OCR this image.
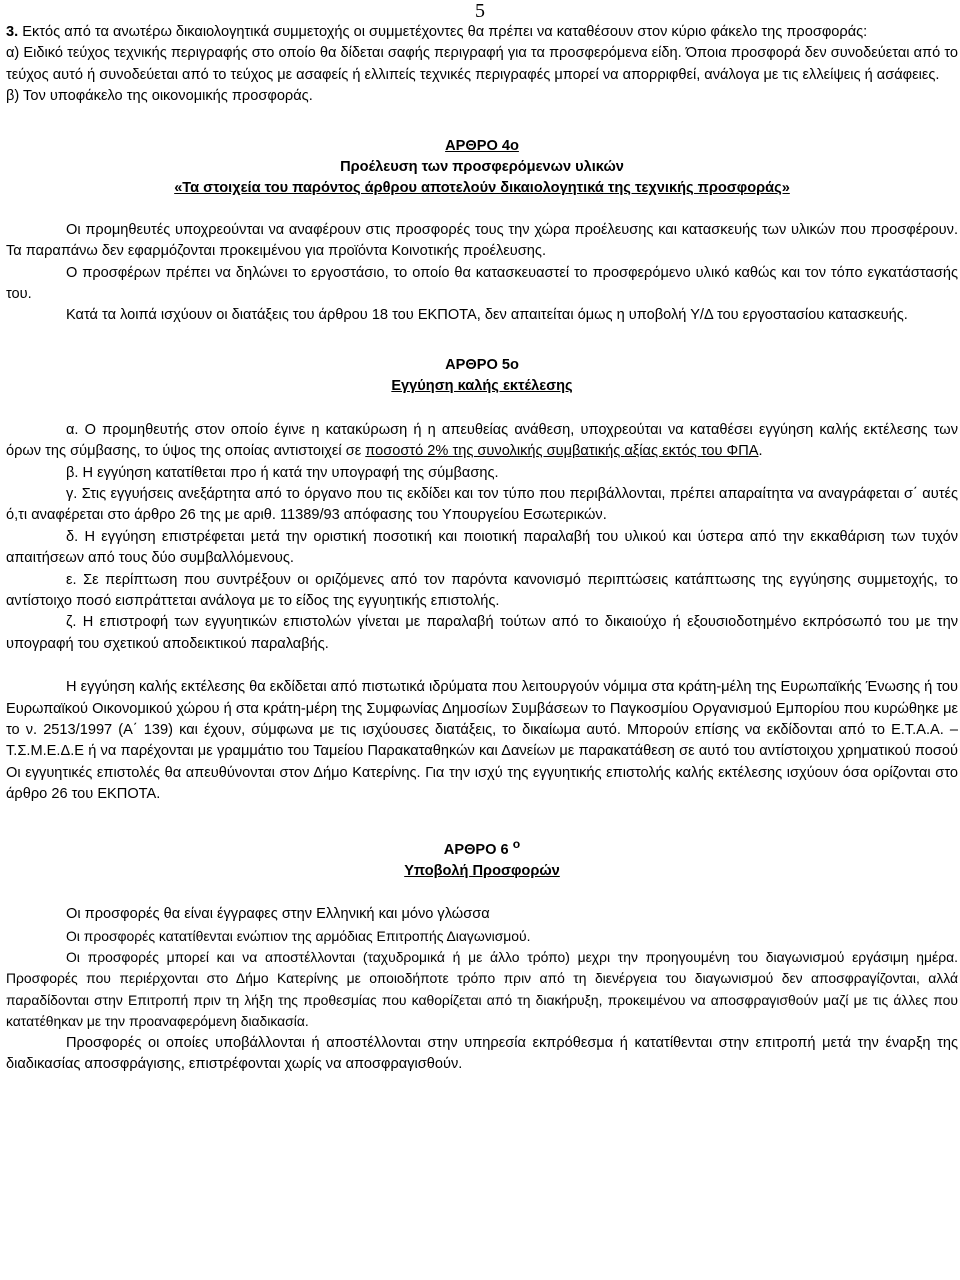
5

3. Εκτός από τα ανωτέρω δικαιολογητικά συμμετοχής οι συμμετέχοντες θα πρέπει να καταθέσουν στον κύριο φάκελο της προσφοράς:

α) Ειδικό τεύχος τεχνικής περιγραφής στο οποίο θα δίδεται σαφής περιγραφή για τα προσφερόμενα είδη. Όποια προσφορά δεν συνοδεύεται από το τεύχος αυτό ή συνοδεύεται από το τεύχος με ασαφείς ή ελλιπείς τεχνικές περιγραφές μπορεί να απορριφθεί, ανάλογα με τις ελλείψεις ή ασάφειες.

β) Τον υποφάκελο της οικονομικής προσφοράς.

ΑΡΘΡΟ 4ο

Προέλευση των προσφερόμενων υλικών

«Τα στοιχεία του παρόντος άρθρου αποτελούν δικαιολογητικά της τεχνικής προσφοράς»

Οι προμηθευτές υποχρεούνται να αναφέρουν στις προσφορές τους την χώρα προέλευσης και κατασκευής των υλικών που προσφέρουν. Τα παραπάνω δεν εφαρμόζονται προκειμένου για προϊόντα Κοινοτικής προέλευσης.

Ο προσφέρων πρέπει να δηλώνει το εργοστάσιο, το οποίο θα κατασκευαστεί το προσφερόμενο υλικό καθώς και τον τόπο εγκατάστασής του.

Κατά τα λοιπά ισχύουν οι διατάξεις του άρθρου 18 του ΕΚΠΟΤΑ, δεν απαιτείται όμως η υποβολή Υ/Δ του εργοστασίου κατασκευής.

ΑΡΘΡΟ 5ο

Εγγύηση καλής εκτέλεσης

α. Ο προμηθευτής στον οποίο έγινε η κατακύρωση ή η απευθείας ανάθεση, υποχρεούται να καταθέσει εγγύηση καλής εκτέλεσης των όρων της σύμβασης, το ύψος της οποίας αντιστοιχεί σε ποσοστό 2% της συνολικής συμβατικής αξίας εκτός του ΦΠΑ.

β. Η εγγύηση κατατίθεται προ ή κατά την υπογραφή της σύμβασης.

γ. Στις εγγυήσεις ανεξάρτητα από το όργανο που τις εκδίδει και τον τύπο που περιβάλλονται, πρέπει απαραίτητα να αναγράφεται σ΄ αυτές ό,τι αναφέρεται στο άρθρο 26 της με αριθ. 11389/93 απόφασης του Υπουργείου Εσωτερικών.

δ. Η εγγύηση επιστρέφεται μετά την οριστική ποσοτική και ποιοτική παραλαβή του υλικού και ύστερα από την εκκαθάριση των τυχόν απαιτήσεων από τους δύο συμβαλλόμενους.

ε. Σε περίπτωση που συντρέξουν οι οριζόμενες από τον παρόντα κανονισμό περιπτώσεις κατάπτωσης της εγγύησης συμμετοχής, το αντίστοιχο ποσό εισπράττεται ανάλογα με το είδος της εγγυητικής επιστολής.

ζ. Η επιστροφή των εγγυητικών επιστολών γίνεται με παραλαβή τούτων από το δικαιούχο ή εξουσιοδοτημένο εκπρόσωπό του με την υπογραφή του σχετικού αποδεικτικού παραλαβής.

Η εγγύηση καλής εκτέλεσης θα εκδίδεται από πιστωτικά ιδρύματα που λειτουργούν νόμιμα στα κράτη-μέλη της Ευρωπαϊκής Ένωσης ή του Ευρωπαϊκού Οικονομικού χώρου ή στα κράτη-μέρη της Συμφωνίας Δημοσίων Συμβάσεων το Παγκοσμίου Οργανισμού Εμπορίου που κυρώθηκε με το ν. 2513/1997 (Α΄ 139) και έχουν, σύμφωνα με τις ισχύουσες διατάξεις, το δικαίωμα αυτό. Μπορούν επίσης να εκδίδονται από το Ε.Τ.Α.Α. – Τ.Σ.Μ.Ε.Δ.Ε ή να παρέχονται με γραμμάτιο του Ταμείου Παρακαταθηκών και Δανείων με παρακατάθεση σε αυτό του αντίστοιχου χρηματικού ποσού Οι εγγυητικές επιστολές θα απευθύνονται στον Δήμο Κατερίνης. Για την ισχύ της εγγυητικής επιστολής καλής εκτέλεσης ισχύουν όσα ορίζονται στο άρθρο 26 του ΕΚΠΟΤΑ.

ΑΡΘΡΟ 6 $^o$

Υποβολή Προσφορών

Οι προσφορές θα είναι έγγραφες στην Ελληνική και μόνο γλώσσα

Οι προσφορές κατατίθενται ενώπιον της αρμόδιας Επιτροπής Διαγωνισμού.

Οι προσφορές μπορεί και να αποστέλλονται (ταχυδρομικά ή με άλλο τρόπο) μεχρι την προηγουμένη του διαγωνισμού εργάσιμη ημέρα. Προσφορές που περιέρχονται στο Δήμο Κατερίνης με οποιοδήποτε τρόπο πριν από τη διενέργεια του διαγωνισμού δεν αποσφραγίζονται, αλλά παραδίδονται στην Επιτροπή πριν τη λήξη της προθεσμίας που καθορίζεται από τη διακήρυξη, προκειμένου να αποσφραγισθούν μαζί με τις άλλες που κατατέθηκαν με την προαναφερόμενη διαδικασία.

Προσφορές οι οποίες υποβάλλονται ή αποστέλλονται στην υπηρεσία εκπρόθεσμα ή κατατίθενται στην επιτροπή μετά την έναρξη της διαδικασίας αποσφράγισης, επιστρέφονται χωρίς να αποσφραγισθούν.
